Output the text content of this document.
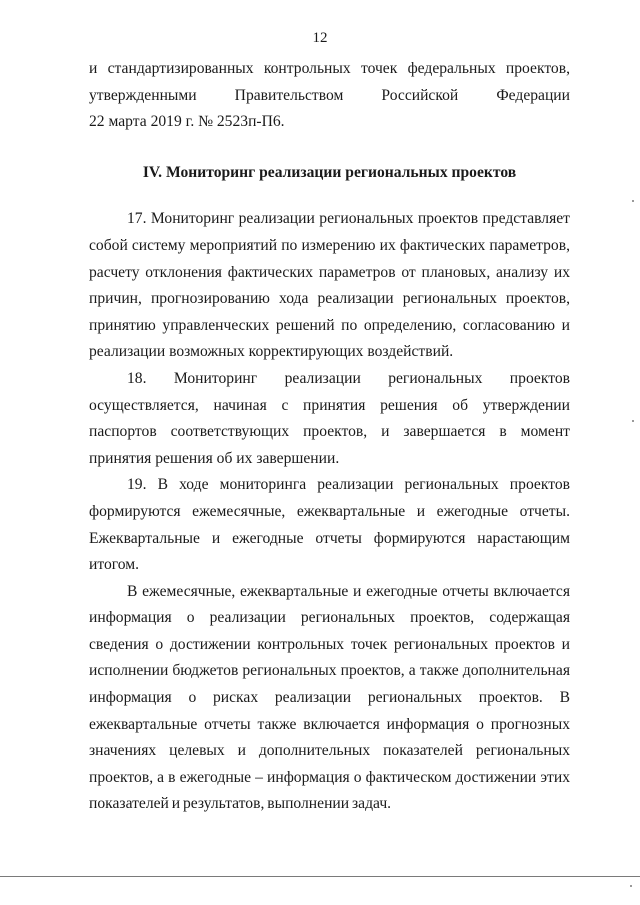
12

и стандартизированных контрольных точек федеральных проектов,

утвержденными Правительством Российской Федерации

22 марта 2019 г. № 2523п-П6.

IV. Мониторинг реализации региональных проектов

17. Мониторинг реализации региональных проектов представляет собой систему мероприятий по измерению их фактических параметров, расчету отклонения фактических параметров от плановых, анализу их причин, прогнозированию хода реализации региональных проектов, принятию управленческих решений по определению, согласованию и реализации возможных корректирующих воздействий.

18. Мониторинг реализации региональных проектов осуществляется, начиная с принятия решения об утверждении паспортов соответствующих проектов, и завершается в момент принятия решения об их завершении.

19. В ходе мониторинга реализации региональных проектов формируются ежемесячные, ежеквартальные и ежегодные отчеты. Ежеквартальные и ежегодные отчеты формируются нарастающим итогом.

В ежемесячные, ежеквартальные и ежегодные отчеты включается информация о реализации региональных проектов, содержащая сведения о достижении контрольных точек региональных проектов и исполнении бюджетов региональных проектов, а также дополнительная информация о рисках реализации региональных проектов. В ежеквартальные отчеты также включается информация о прогнозных значениях целевых и дополнительных показателей региональных проектов, а в ежегодные – информация о фактическом достижении этих показателей и результатов, выполнении задач.
